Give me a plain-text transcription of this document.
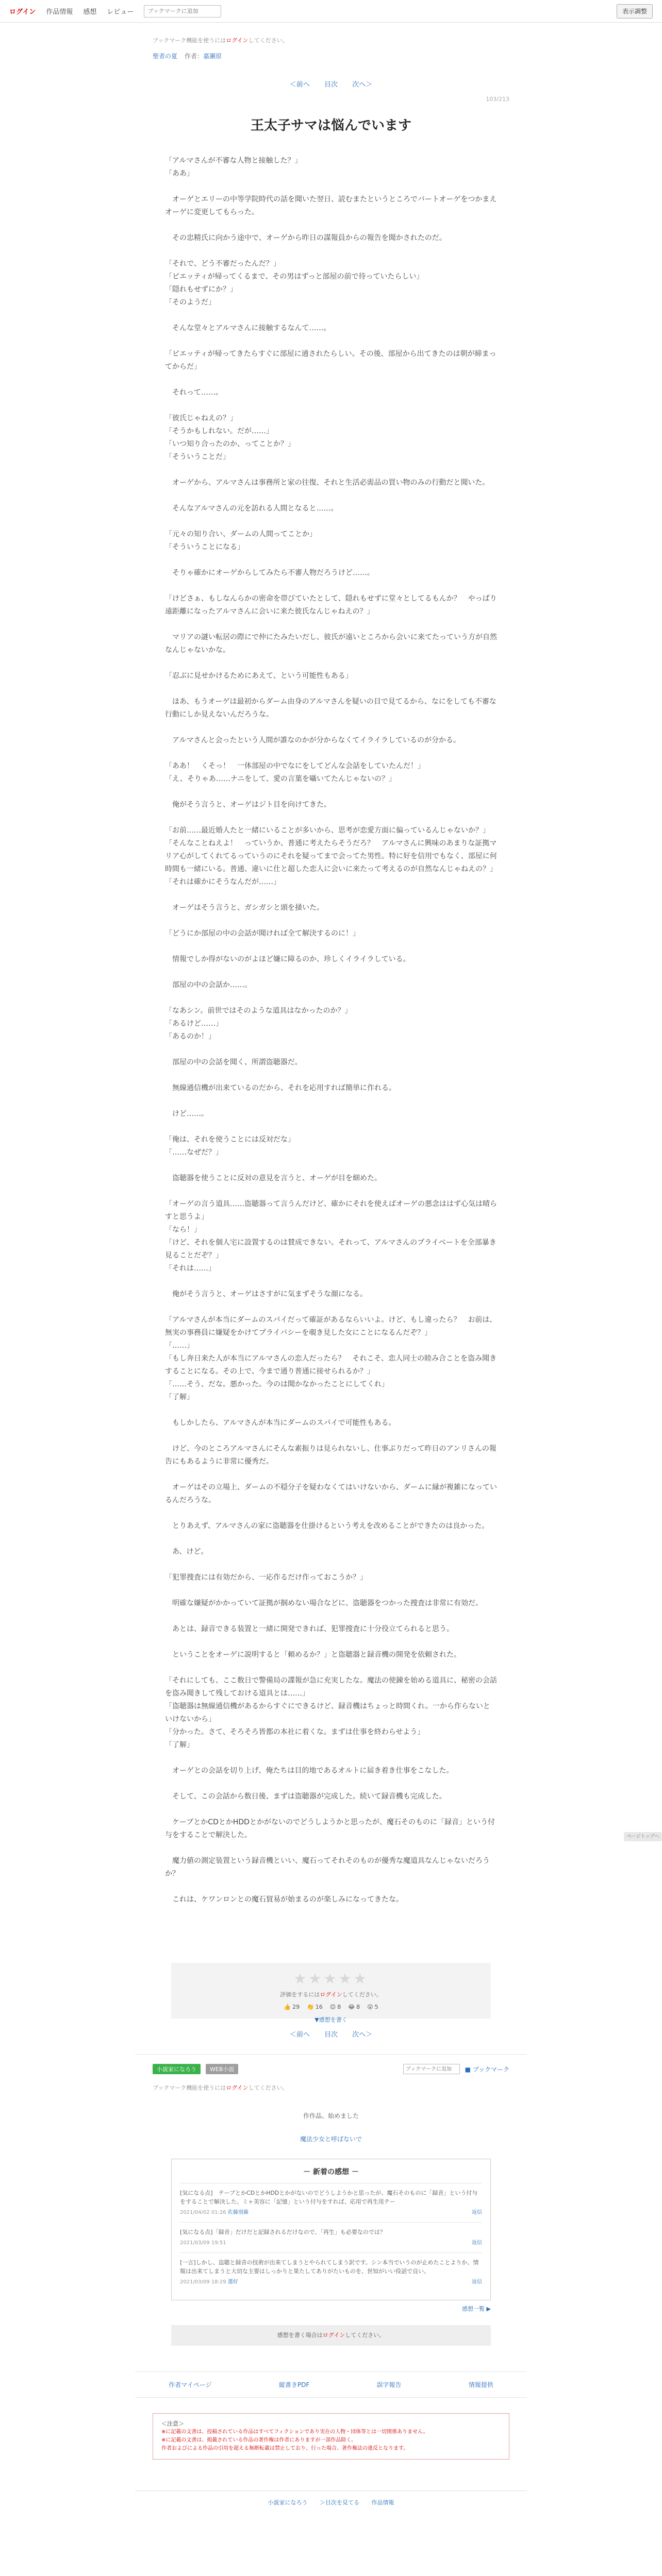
ログイン 作品情報 感想 レビュー
ブックマークに追加	表示調整
ブックマーク機能を使うにはログインしてください。
聖者の夏 作者：嘉瀬原
＜前へ 目次 次へ＞
103/213
王太子サマは悩んでいます

「アルマさんが不審な人物と接触した？」

「ああ」

　オーゲとエリーの中等学院時代の話を聞いた翌日、読むまたというところでバートオーゲをつかまえオーゲに変更してもらった。

　その忠精氏に向かう途中で、オーゲから昨日の謀報員からの報告を聞かされたのだ。

「それで、どう不審だったんだ？」

「ピエッティが帰ってくるまで、その男はずっと部屋の前で待っていたらしい」

「隠れもせずにか？」

「そのようだ」

　そんな堂々とアルマさんに接触するなんて……。

「ピエッティが帰ってきたらすぐに部屋に通されたらしい。その後、部屋から出てきたのは朝が締まってからだ」

　それって……。

「彼氏じゃねえの？」

「そうかもしれない。だが……」

「いつ知り合ったのか、ってことか？」

「そういうことだ」

　オーゲから、アルマさんは事務所と家の往復、それと生活必需品の買い物のみの行動だと聞いた。

　そんなアルマさんの元を訪れる人間となると……。

「元々の知り合い、ダームの人間ってことか」

「そういうことになる」

　そりゃ確かにオーゲからしてみたら不審人物だろうけど……。

「けどさぁ、もしなんらかの密命を帯びていたとして、隠れもせずに堂々としてるもんか？　やっぱり遠距離になったアルマさんに会いに来た彼氏なんじゃねえの？」

　マリアの謎い転居の際にで仲にたみたいだし、彼氏が遠いところから会いに来てたっていう方が自然なんじゃないかな。

「忍ぶに見せかけるためにあえて、という可能性もある」

　ほあ、もうオーゲは最初からダーム由身のアルマさんを疑いの目で見てるから、なにをしても不審な行動にしか見えないんだろうな。

　アルマさんと会ったという人間が誰なのかが分からなくてイライラしているのが分かる。

「ああ！　くそっ！　一体部屋の中でなにをしてどんな会話をしていたんだ！」

「え、そりゃあ……ナニをして、愛の言葉を囁いてたんじゃないの？」

　俺がそう言うと、オーゲはジト目を向けてきた。

「お前……最近婚人たと一緒にいることが多いから、思考が恋愛方面に偏っているんじゃないか？」

「そんなことねえよ！　っていうか、普通に考えたらそうだろ？　アルマさんに興味のあまりな証拠マリア心がしてくれてるっていうのにそれを疑ってまで会ってた男性。特に好を信用でもなく、部屋に何時間も一緒にいる。普通、違いに仕と超した恋人に会いに来たって考えるのが自然なんじゃねえの？」

「それは確かにそうなんだが……」

　オーゲはそう言うと、ガシガシと頭を掻いた。

「どうにか部屋の中の会話が聞ければ全て解決するのに！」

　情報でしか得がないのがよほど嫌に障るのか、珍しくイライラしている。

　部屋の中の会話か……。

「なあシン。前世ではそのような道具はなかったのか？」

「あるけど……」

「あるのか！」

　部屋の中の会話を聞く、所謂盗聴器だ。

　無線通信機が出来ているのだから、それを応用すれば簡単に作れる。

　けど……。

「俺は、それを使うことには反対だな」

「……なぜだ？」

　盗聴器を使うことに反対の意見を言うと、オーゲが目を細めた。

「オーゲの言う道具……盗聴器って言うんだけど、確かにそれを使えばオーゲの悪念ははず心気は晴らすと思うよ」

「なら！」

「けど、それを個人宅に設置するのは賛成できない。それって、アルマさんのプライベートを全部暴き見ることだぞ？」

「それは……」

　俺がそう言うと、オーゲはさすがに気まずそうな顔になる。

「アルマさんが本当にダームのスパイだって確証があるならいいよ。けど、もし違ったら？　お前は、無実の事務員に嫌疑をかけてプライバシーを覗き見した女にことになるんだぞ？」

「……」

「もし奔日来た人が本当にアルマさんの恋人だったら？　それこそ、恋人同士の睦み合ことを盗み聞きすることになる。その上で、今まで通り普通に接せられるか？」

「……そう、だな。悪かった。今のは聞かなかったことにしてくれ」

「了解」

　もしかしたら、アルマさんが本当にダームのスパイで可能性もある。

　けど、今のところアルマさんにそんな素振りは見られないし、仕事ぶりだって昨日のアンリさんの報告にもあるように非常に優秀だ。

　オーゲはその立場上、ダームの不穏分子を疑わなくてはいけないから、ダームに縁が複雑になっているんだろうな。

　とりあえず、アルマさんの家に盗聴器を仕掛けるという考えを改めることができたのは良かった。

　あ、けど。

「犯罪捜査には有効だから、一応作るだけ作っておこうか？」

　明確な嫌疑がかかっていて証拠が掴めない場合などに、盗聴器をつかった捜査は非常に有効だ。

　あとは、録音できる装置と一緒に開発できれば、犯罪捜査に十分役立てられると思う。

　ということをオーゲに説明すると「頼めるか？」と盗聴器と録音機の開発を依頼された。

「それにしても、ここ数日で警備局の諜報が急に充実したな。魔法の使錬を始める道具に、秘密の会話を盗み聞きして残しておける道具とは……」

「盗聴器は無線通信機があるからすぐにできるけど、録音機はちょっと時間くれ。一から作らないといけないから」

「分かった。さて、そろそろ皆都の本社に着くな。まずは仕事を終わらせよう」

「了解」

　オーゲとの会話を切り上げ、俺たちは目的地であるオルトに届き着き仕事をこなした。

　そして、この会話から数日後、まずは盗聴器が完成した。続いて録音機も完成した。

　ケーブとかCDとかHDDとかがないのでどうしようかと思ったが、魔石そのものに「録音」という付与をすることで解決した。

　魔力値の測定装置という録音機といい、魔石ってそれそのものが優秀な魔道具なんじゃないだろうか？

　これは、ケワンロンとの魔石貿易が始まるのが楽しみになってきたな。

★★★★★
評価をするにはログインしてください。
👍 29 👏 16 😊 8 😂 8 😲 5
▼感想を書く
＜前へ 目次 次へ＞
小説家になろう	WEB小説
ブックマークに追加	■ ブックマーク
ブックマーク機能を使うにはログインしてください。
作作品、始めました
魔法少女と呼ばないで
－ 新着の感想 －
[気になる点]　テープとかCDとかHDDとかがないのでどうしようかと思ったが、魔石そのものに「録音」という付与をすることで解決した。ミャ美容に「記憶」という付与をすれば、応用で再生用テー
2021/04/02 01:26 佐藤別藤	返信
[気になる点]「録音」だけだと記録されるだけなので、「再生」も必要なのでは？
2021/03/09 19:51	返信
[一言]しかし、盗聴と録音の技術が出来てしまうとやられてしまう訳です。シン本当でいうのが止めたことよりか、情報は出来てしまうと大切な主要はしっかりと果たしてありがたいものを、世知がいい役話で良い。
2021/03/09 18:29 選好	返信
感想一覧 ▶
感想を書く場合はログインしてください。
作者マイページ	縦書きPDF	誤字報告	情報提供
＜注意＞
※に記載の文書は、投稿されている作品はすべてフィクションであり実在の人物・団体等とは一切関係ありません。
※に記載の文書は、掲載されている作品の著作権は作者にありますが一部作品除く。
作者およびによる作品の引用を超える無断転載は禁止しており、行った場合、著作権法の違反となります。
小説家になろう ＞目次を見てる 作品情報
ページトップへ
